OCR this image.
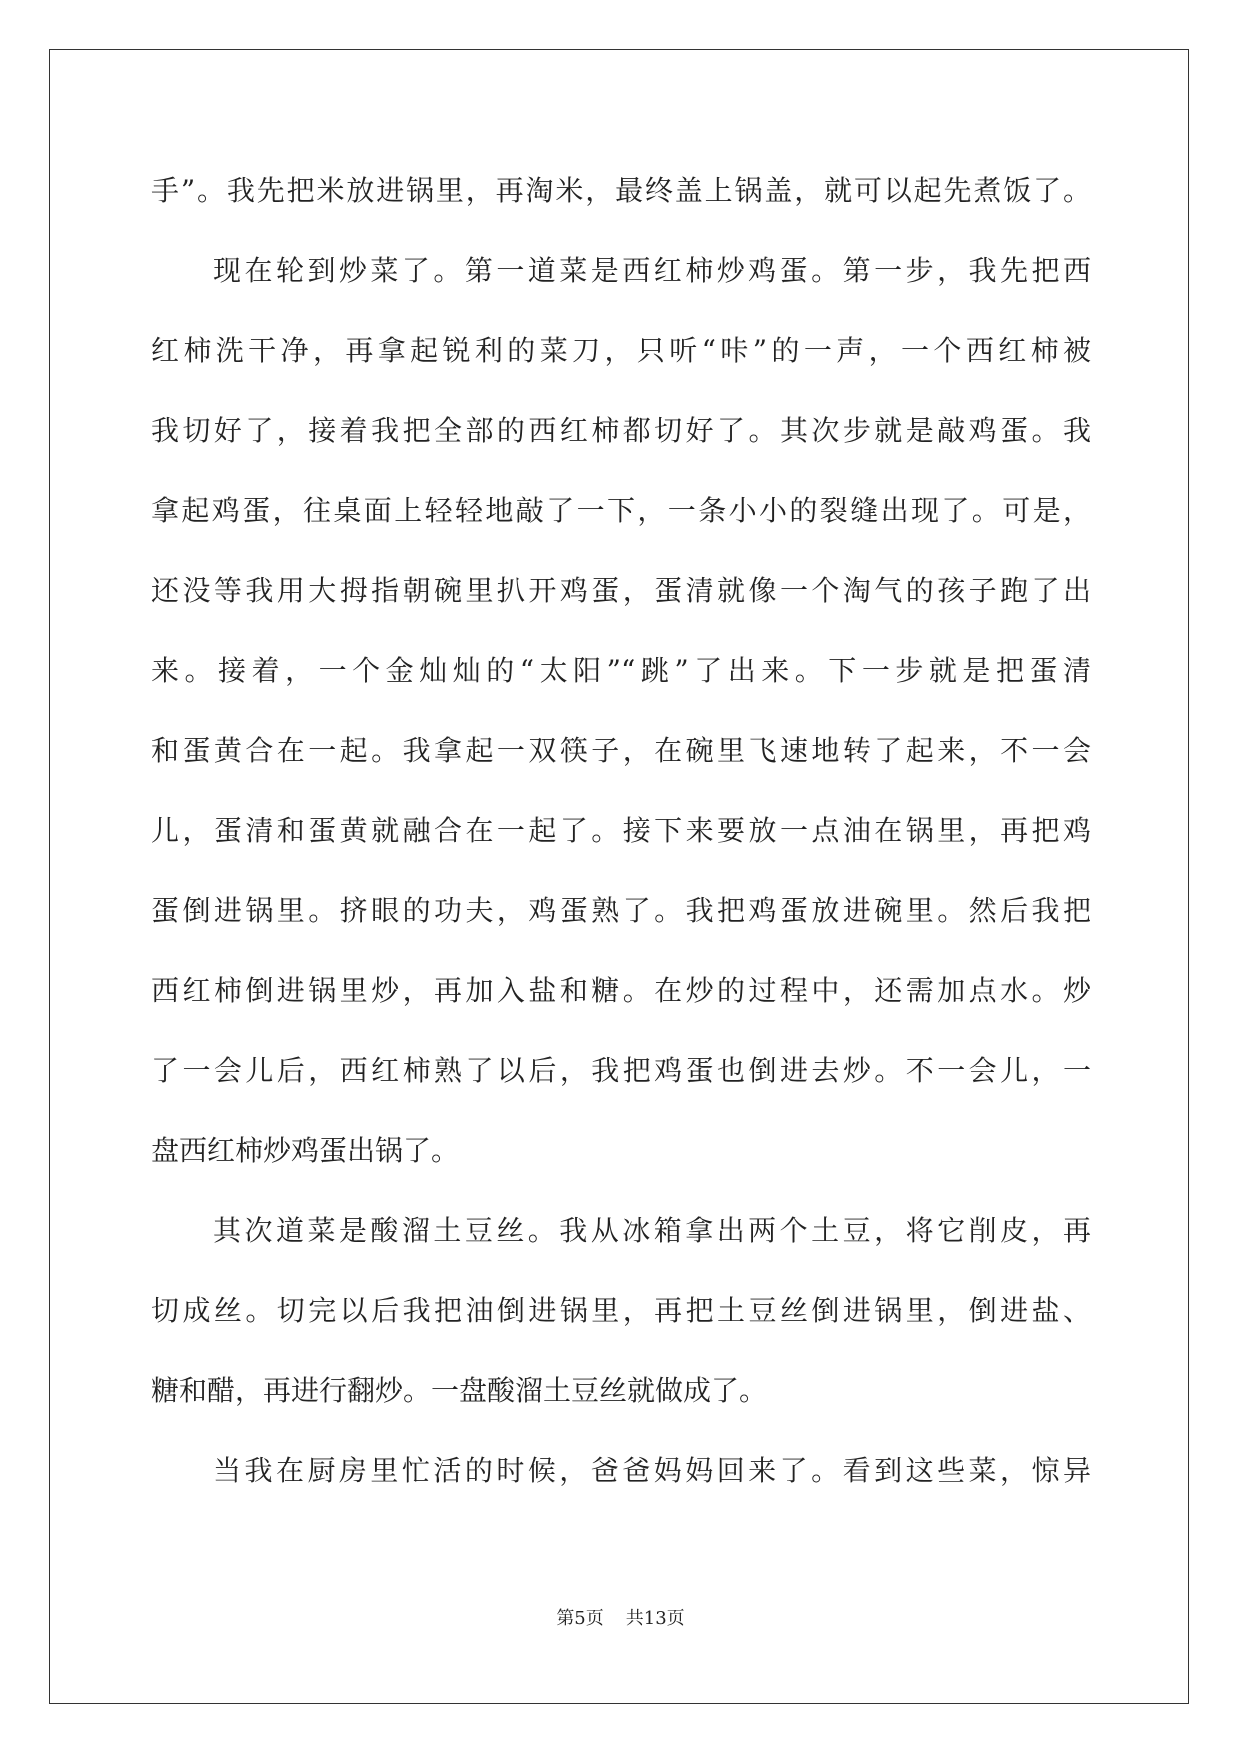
手”。我先把米放进锅里，再淘米，最终盖上锅盖，就可以起先煮饭了。
现在轮到炒菜了。第一道菜是西红柿炒鸡蛋。第一步，我先把西
红柿洗干净，再拿起锐利的菜刀，只听“咔”的一声，一个西红柿被
我切好了，接着我把全部的西红柿都切好了。其次步就是敲鸡蛋。我
拿起鸡蛋，往桌面上轻轻地敲了一下，一条小小的裂缝出现了。可是，
还没等我用大拇指朝碗里扒开鸡蛋，蛋清就像一个淘气的孩子跑了出
来。接着，一个金灿灿的“太阳”“跳”了出来。下一步就是把蛋清
和蛋黄合在一起。我拿起一双筷子，在碗里飞速地转了起来，不一会
儿，蛋清和蛋黄就融合在一起了。接下来要放一点油在锅里，再把鸡
蛋倒进锅里。挤眼的功夫，鸡蛋熟了。我把鸡蛋放进碗里。然后我把
西红柿倒进锅里炒，再加入盐和糖。在炒的过程中，还需加点水。炒
了一会儿后，西红柿熟了以后，我把鸡蛋也倒进去炒。不一会儿，一
盘西红柿炒鸡蛋出锅了。
其次道菜是酸溜土豆丝。我从冰箱拿出两个土豆，将它削皮，再
切成丝。切完以后我把油倒进锅里，再把土豆丝倒进锅里，倒进盐、
糖和醋，再进行翻炒。一盘酸溜土豆丝就做成了。
当我在厨房里忙活的时候，爸爸妈妈回来了。看到这些菜，惊异
第5页 共13页
